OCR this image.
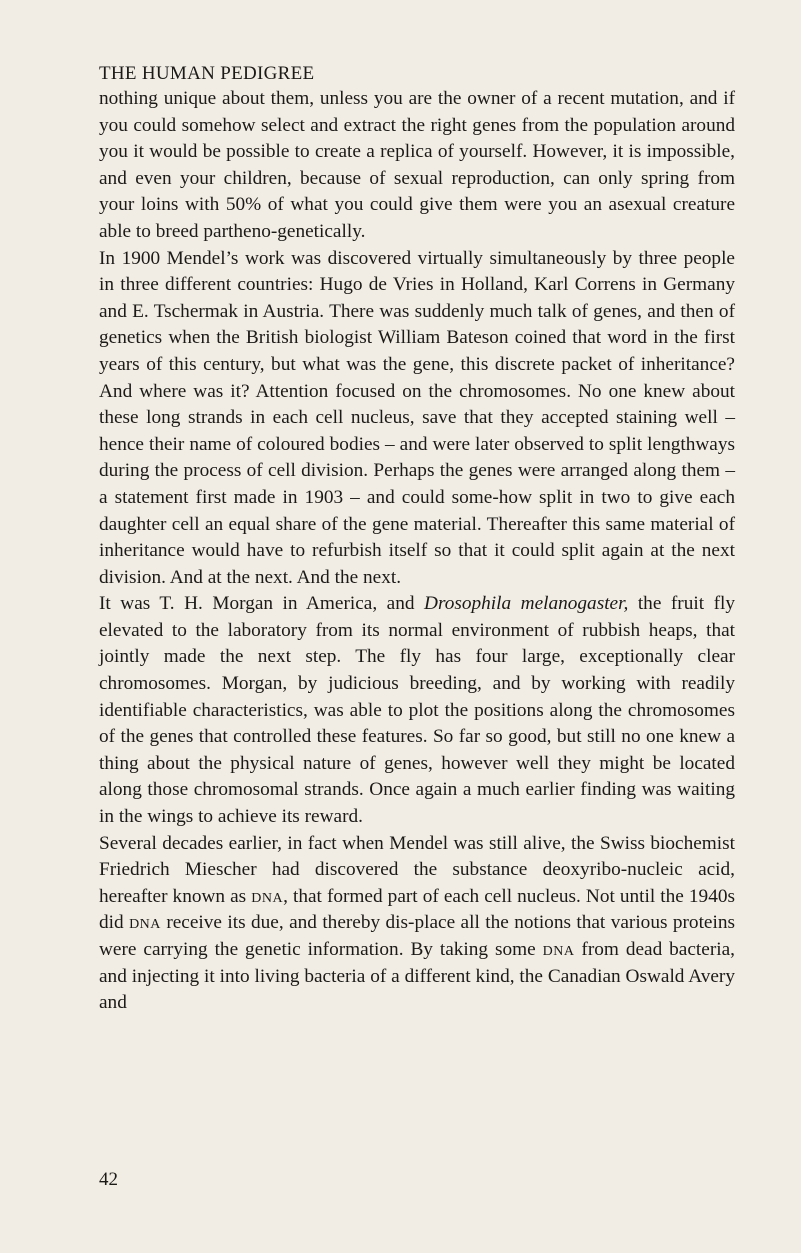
THE HUMAN PEDIGREE

nothing unique about them, unless you are the owner of a recent mutation, and if you could somehow select and extract the right genes from the population around you it would be possible to create a replica of yourself. However, it is impossible, and even your children, because of sexual reproduction, can only spring from your loins with 50% of what you could give them were you an asexual creature able to breed partheno-genetically.

In 1900 Mendel’s work was discovered virtually simultaneously by three people in three different countries: Hugo de Vries in Holland, Karl Correns in Germany and E. Tschermak in Austria. There was suddenly much talk of genes, and then of genetics when the British biologist William Bateson coined that word in the first years of this century, but what was the gene, this discrete packet of inheritance? And where was it? Attention focused on the chromosomes. No one knew about these long strands in each cell nucleus, save that they accepted staining well – hence their name of coloured bodies – and were later observed to split lengthways during the process of cell division. Perhaps the genes were arranged along them – a statement first made in 1903 – and could some-how split in two to give each daughter cell an equal share of the gene material. Thereafter this same material of inheritance would have to refurbish itself so that it could split again at the next division. And at the next. And the next.

It was T. H. Morgan in America, and Drosophila melanogaster, the fruit fly elevated to the laboratory from its normal environment of rubbish heaps, that jointly made the next step. The fly has four large, exceptionally clear chromosomes. Morgan, by judicious breeding, and by working with readily identifiable characteristics, was able to plot the positions along the chromosomes of the genes that controlled these features. So far so good, but still no one knew a thing about the physical nature of genes, however well they might be located along those chromosomal strands. Once again a much earlier finding was waiting in the wings to achieve its reward.

Several decades earlier, in fact when Mendel was still alive, the Swiss biochemist Friedrich Miescher had discovered the substance deoxyribo-nucleic acid, hereafter known as dna, that formed part of each cell nucleus. Not until the 1940s did dna receive its due, and thereby dis-place all the notions that various proteins were carrying the genetic information. By taking some dna from dead bacteria, and injecting it into living bacteria of a different kind, the Canadian Oswald Avery and

42
